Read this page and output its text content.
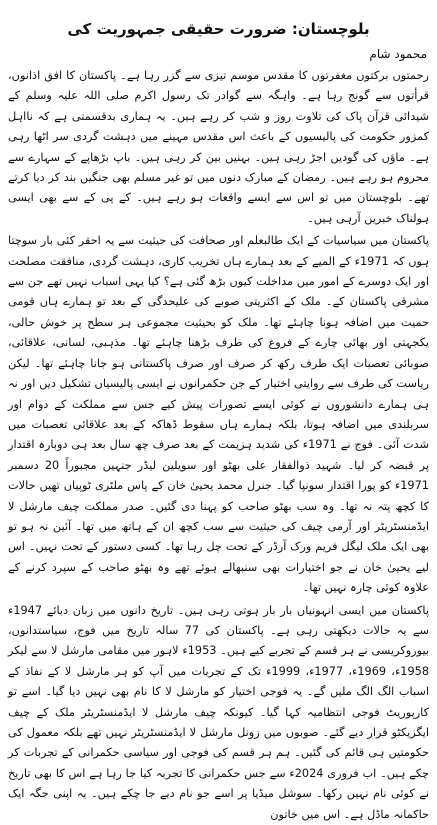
بلوچستان: ضرورت حقیقی جمہوریت کی
محمود شام

رحمتوں برکتوں مغفرتوں کا مقدس موسم تیزی سے گزر رہا ہے۔ پاکستان کا افق اذانوں، قرأتوں سے گونج رہا ہے۔ واہگہ سے گوادر تک رسول اکرم صلی اللہ علیہ وسلم کے شیدائی قرآن پاک کی تلاوت روز و شب کر رہے ہیں۔ یہ ہماری بدقسمتی ہے کہ نااہل کمزور حکومت کی پالیسیوں کے باعث اس مقدس مہینے میں دہشت گردی سر اٹھا رہی ہے۔ ماؤں کی گودیں اجڑ رہی ہیں۔ بہنیں بین کر رہی ہیں۔ باپ بڑھاپے کے سہارے سے محروم ہو رہے ہیں۔ رمضان کے مبارک دنوں میں تو غیر مسلم بھی جنگیں بند کر دیا کرتے تھے۔ بلوچستان میں تو اس سے ایسے واقعات ہو رہے ہیں۔ کے پی کے سے بھی ایسی ہولناک خبریں آرہی ہیں۔

پاکستان میں سیاسیات کے ایک طالبعلم اور صحافت کی حیثیت سے یہ احقر کئی بار سوچتا ہوں کہ 1971ء کے المیے کے بعد ہمارے ہاں تخریب کاری، دہشت گردی، منافقت مصلحت اور ایک دوسرے کے امور میں مداخلت کیوں بڑھ گئی ہے؟ کیا یہی اسباب نہیں تھے جن سے مشرقی پاکستان کے۔ ملک کے اکثریتی صوبے کی علیحدگی کے بعد تو ہمارے ہاں قومی حمیت میں اضافہ ہونا چاہئے تھا۔ ملک کو بحیثیت مجموعی ہر سطح پر خوش حالی، یکجہتی اور بھائی چارے کے فروغ کی طرف بڑھنا چاہئے تھا۔ مذہبی، لسانی، علاقائی، صوبائی تعصبات ایک طرف رکھ کر صرف اور صرف پاکستانی ہو جانا چاہئے تھا۔ لیکن ریاست کی طرف سے روایتی اختیار کے جن حکمرانوں نے ایسی پالیسیاں تشکیل دیں اور نہ ہی ہمارے دانشوروں نے کوئی ایسے تصورات پیش کیے جس سے مملکت کے دوام اور سربلندی میں اضافہ ہوتا، بلکہ ہمارے ہاں سقوط ڈھاکہ کے بعد علاقائی تعصبات میں شدت آئی۔ فوج نے 1971ء کی شدید ہزیمت کے بعد صرف چھ سال بعد ہی دوبارہ اقتدار پر قبضہ کر لیا۔ شہید ذوالفقار علی بھٹو اور سویلین لیڈر جنہیں مجبوراً 20 دسمبر 1971ء کو پورا اقتدار سونپا گیا۔ جنرل محمد یحییٰ خان کے پاس ملٹری ٹوپیاں تھیں حالات کا کچھ پتہ نہ تھا۔ وہ سب بھٹو صاحب کو پہنا دی گئیں۔ صدر مملکت چیف مارشل لا ایڈمنسٹریٹر اور آرمی چیف کی حیثیت سے سب کچھ ان کے ہاتھ میں تھا۔ آئین نہ ہو تو بھی ایک ملک لیگل فریم ورک آرڈر کے تحت چل رہا تھا۔ کسی دستور کے تحت نہیں۔ اس لیے یحییٰ خان نے جو اختیارات بھی سنبھالے ہوئے تھے وہ بھٹو صاحب کے سپرد کرنے کے علاوہ کوئی چارہ نہیں تھا۔

پاکستان میں ایسی انہونیاں بار بار ہوتی رہی ہیں۔ تاریخ دانوں میں زبان دبائے 1947ء سے یہ حالات دیکھتی رہی ہے۔ پاکستان کی 77 سالہ تاریخ میں فوج، سیاستدانوں، بیوروکریسی نے ہر قسم کے تجربے کیے ہیں۔ 1953ء لاہور میں مقامی مارشل لا سے لیکر 1958ء، 1969ء، 1977ء، 1999ء تک کے تجربات میں آپ کو ہر مارشل لا کے نفاذ کے اسباب الگ الگ ملیں گے۔ یہ فوجی اختیار کو مارشل لا کا نام بھی نہیں دیا گیا۔ اسے تو کارپوریٹ فوجی انتظامیہ کہا گیا۔ کیونکہ چیف مارشل لا ایڈمنسٹریٹر ملک کے چیف ایگزیکٹو قرار دیے گئے۔ صوبوں میں زونل مارشل لا ایڈمنسٹریٹر نہیں تھے بلکہ معمول کی حکومتیں ہی قائم کی گئیں۔ ہم ہر قسم کی فوجی اور سیاسی حکمرانی کے تجربات کر چکے ہیں۔ اب فروری 2024ء سے جس حکمرانی کا تجربہ کیا جا رہا ہے اس کا بھی تاریخ نے کوئی نام نہیں رکھا۔ سوشل میڈیا پر اسے جو نام دیے جا چکے ہیں۔ یہ اپنی جگہ ایک حاکمانہ ماڈل ہے۔ اس میں خاتون
